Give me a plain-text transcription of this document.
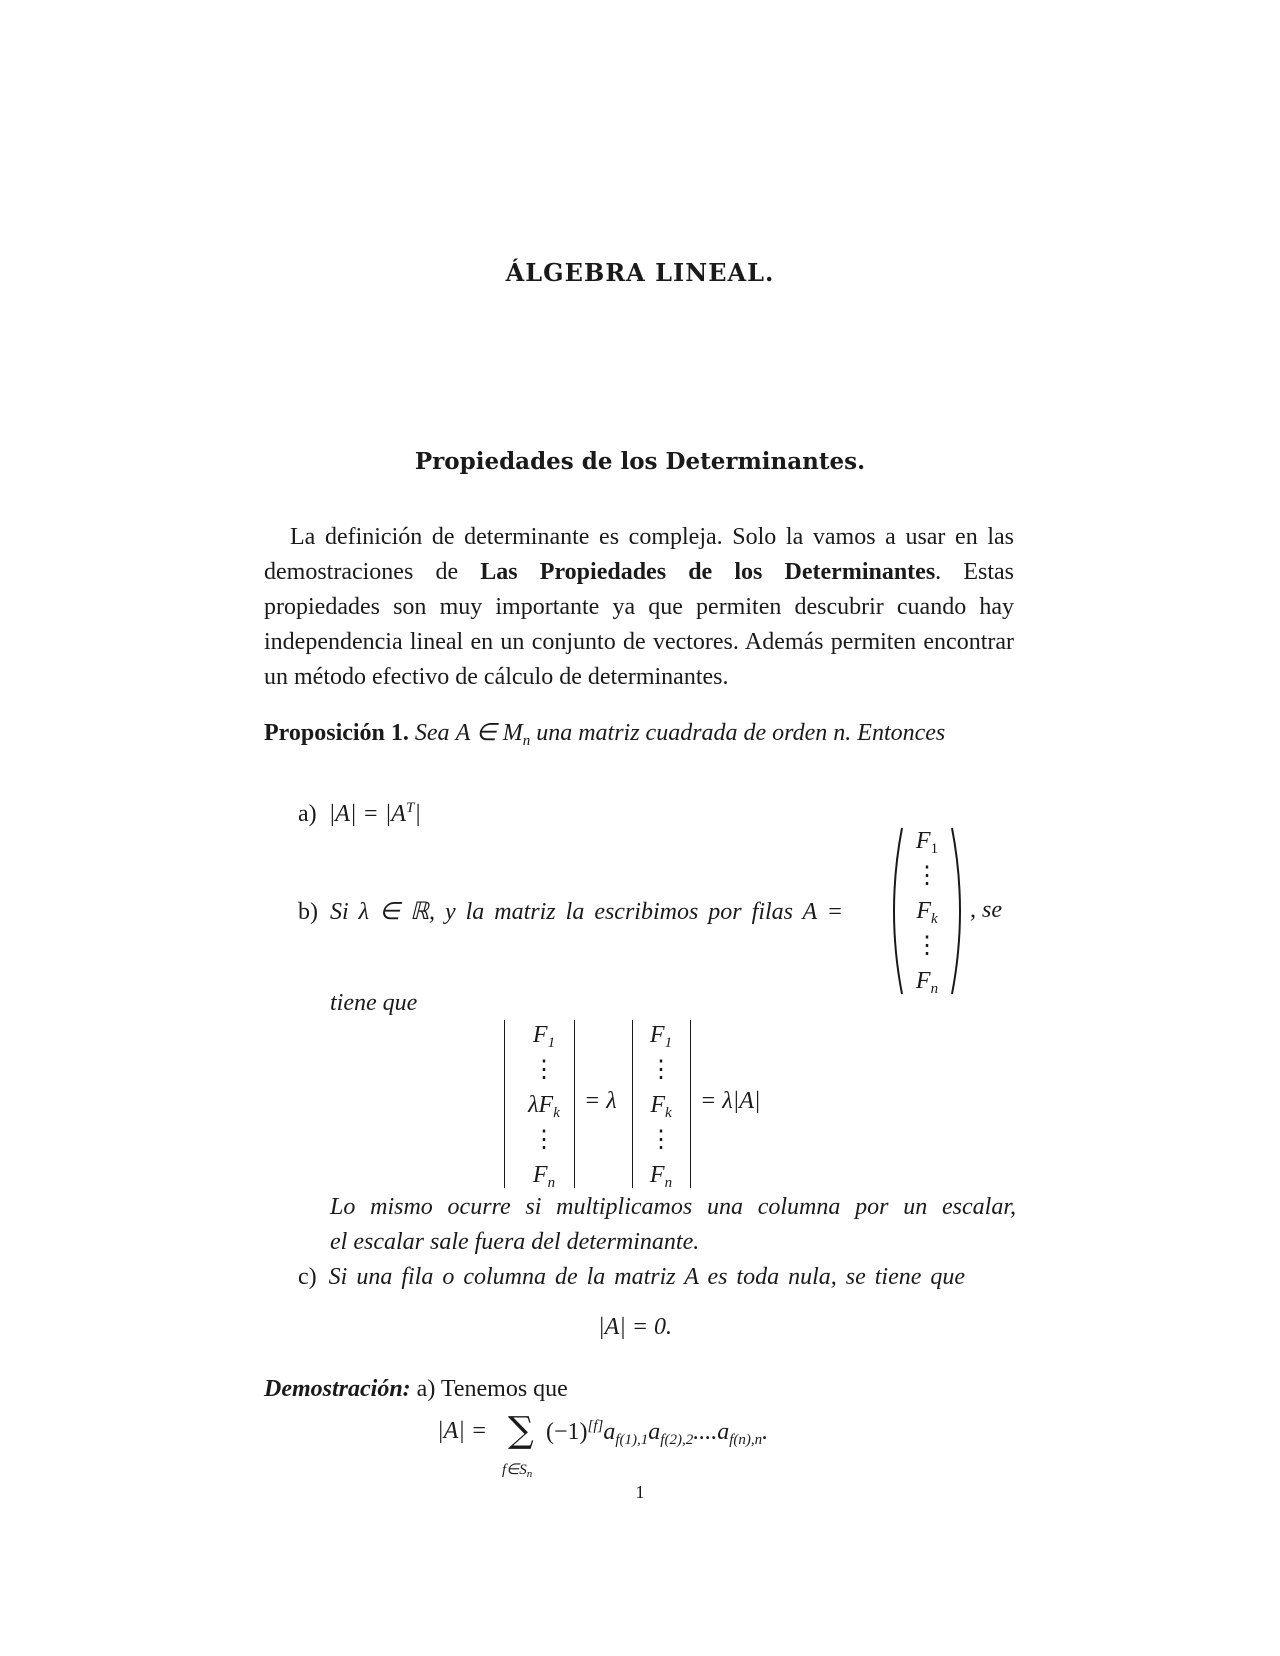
ÁLGEBRA LINEAL.
Propiedades de los Determinantes.

La definición de determinante es compleja. Solo la vamos a usar en las demostraciones de Las Propiedades de los Determinantes. Estas propiedades son muy importante ya que permiten descubrir cuando hay independencia lineal en un conjunto de vectores. Además permiten encontrar un método efectivo de cálculo de determinantes.

Proposición 1. Sea A ∈ $M_n$ una matriz cuadrada de orden n. Entonces
a) $|A| = |A^T|$
b) Si λ ∈ ℝ, y la matriz la escribimos por filas A =
$F_1$
⋮
$F_k$
⋮
$F_n$
, se
tiene que
$F_1$
⋮
$\lambda F_k$
⋮
$F_n$
= λ
$F_1$
⋮
$F_k$
⋮
$F_n$
= λ|A|
Lo mismo ocurre si multiplicamos una columna por un escalar,
el escalar sale fuera del determinante.
c) Si una fila o columna de la matriz A es toda nula, se tiene que
|A| = 0.
Demostración: a) Tenemos que
|A| = ∑
$f\in S_n$
$(-1)[f]a_{f(1),1}a_{f(2),2}....a_{f(n),n}$.
1
